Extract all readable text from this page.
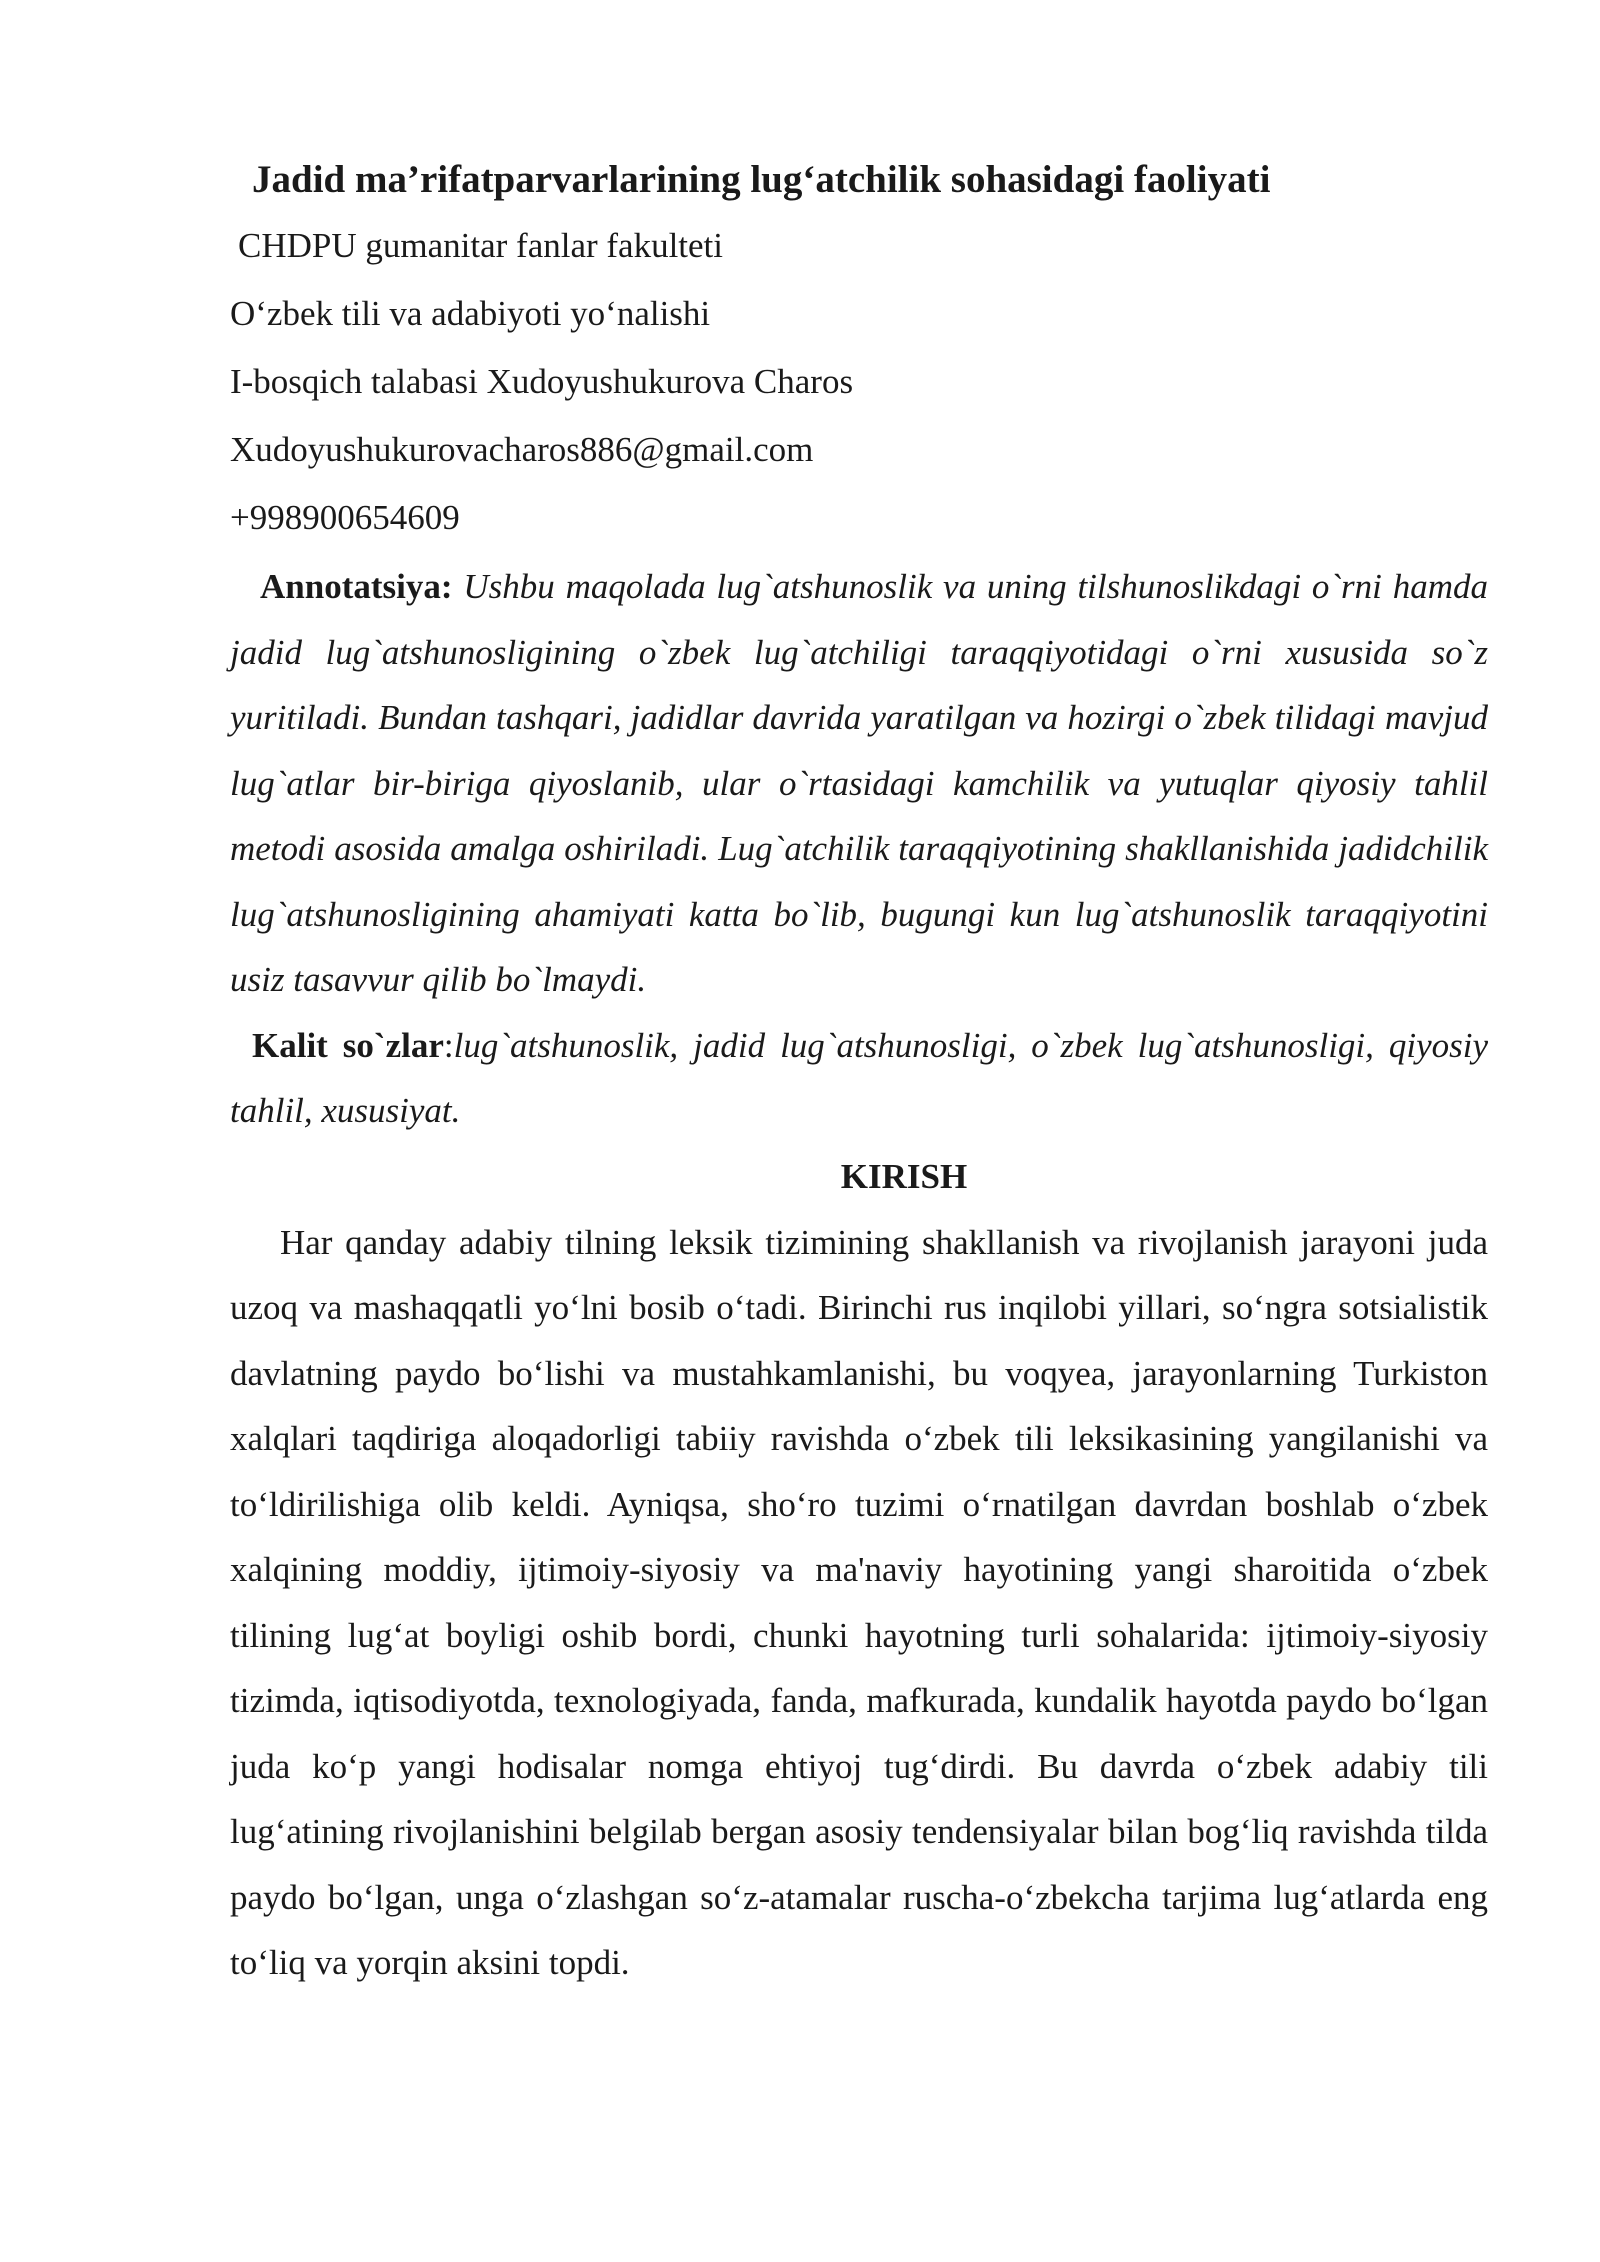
Jadid ma’rifatparvarlarining lug‘atchilik sohasidagi faoliyati

CHDPU gumanitar fanlar fakulteti

O‘zbek tili va adabiyoti yo‘nalishi

I-bosqich talabasi Xudoyushukurova Charos

Xudoyushukurovacharos886@gmail.com

+998900654609

Annotatsiya: Ushbu maqolada lug`atshunoslik va uning tilshunoslikdagi o`rni hamda jadid lug`atshunosligining o`zbek lug`atchiligi taraqqiyotidagi o`rni xususida so`z yuritiladi. Bundan tashqari, jadidlar davrida yaratilgan va hozirgi o`zbek tilidagi mavjud lug`atlar bir-biriga qiyoslanib, ular o`rtasidagi kamchilik va yutuqlar qiyosiy tahlil metodi asosida amalga oshiriladi. Lug`atchilik taraqqiyotining shakllanishida jadidchilik lug`atshunosligining ahamiyati katta bo`lib, bugungi kun lug`atshunoslik taraqqiyotini usiz tasavvur qilib bo`lmaydi.

Kalit so`zlar:lug`atshunoslik, jadid lug`atshunosligi, o`zbek lug`atshunosligi, qiyosiy tahlil, xususiyat.

KIRISH

Har qanday adabiy tilning leksik tizimining shakllanish va rivojlanish jarayoni juda uzoq va mashaqqatli yo‘lni bosib o‘tadi. Birinchi rus inqilobi yillari, so‘ngra sotsialistik davlatning paydo bo‘lishi va mustahkamlanishi, bu voqyea, jarayonlarning Turkiston xalqlari taqdiriga aloqadorligi tabiiy ravishda o‘zbek tili leksikasining yangilanishi va to‘ldirilishiga olib keldi. Ayniqsa, sho‘ro tuzimi o‘rnatilgan davrdan boshlab o‘zbek xalqining moddiy, ijtimoiy-siyosiy va ma'naviy hayotining yangi sharoitida o‘zbek tilining lug‘at boyligi oshib bordi, chunki hayotning turli sohalarida: ijtimoiy-siyosiy tizimda, iqtisodiyotda, texnologiyada, fanda, mafkurada, kundalik hayotda paydo bo‘lgan juda ko‘p yangi hodisalar nomga ehtiyoj tug‘dirdi. Bu davrda o‘zbek adabiy tili lug‘atining rivojlanishini belgilab bergan asosiy tendensiyalar bilan bog‘liq ravishda tilda paydo bo‘lgan, unga o‘zlashgan so‘z-atamalar ruscha-o‘zbekcha tarjima lug‘atlarda eng to‘liq va yorqin aksini topdi.
